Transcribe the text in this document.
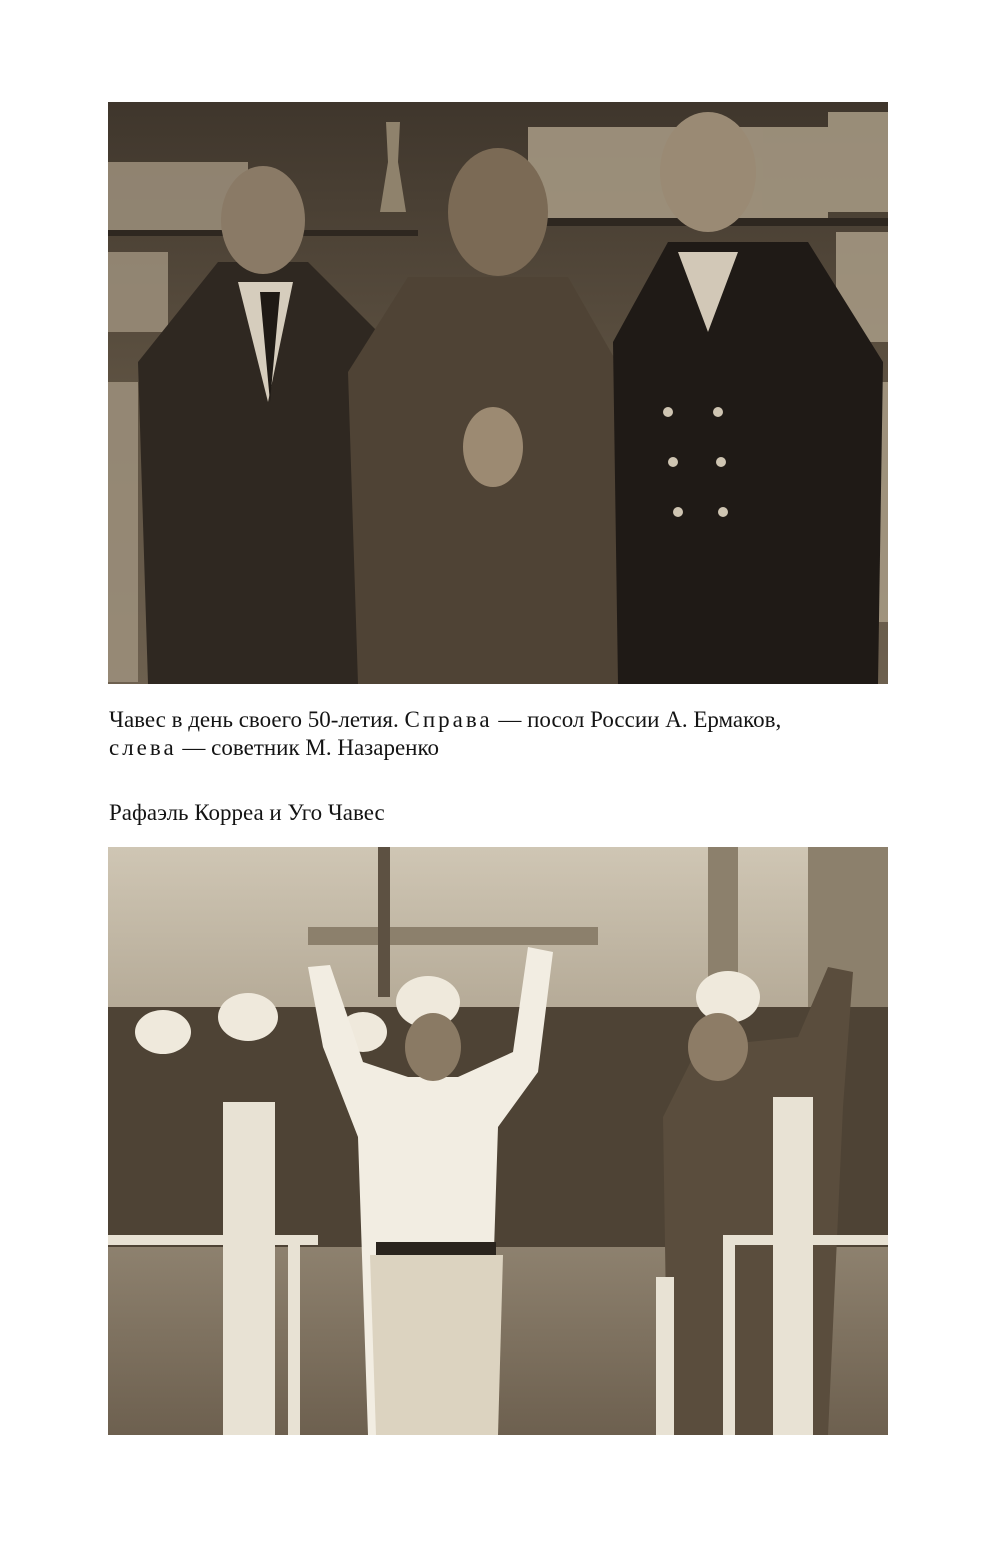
Чавес в день своего 50-летия. Справа — посол России А. Ермаков,
слева — советник М. Назаренко
Рафаэль Корреа и Уго Чавес
